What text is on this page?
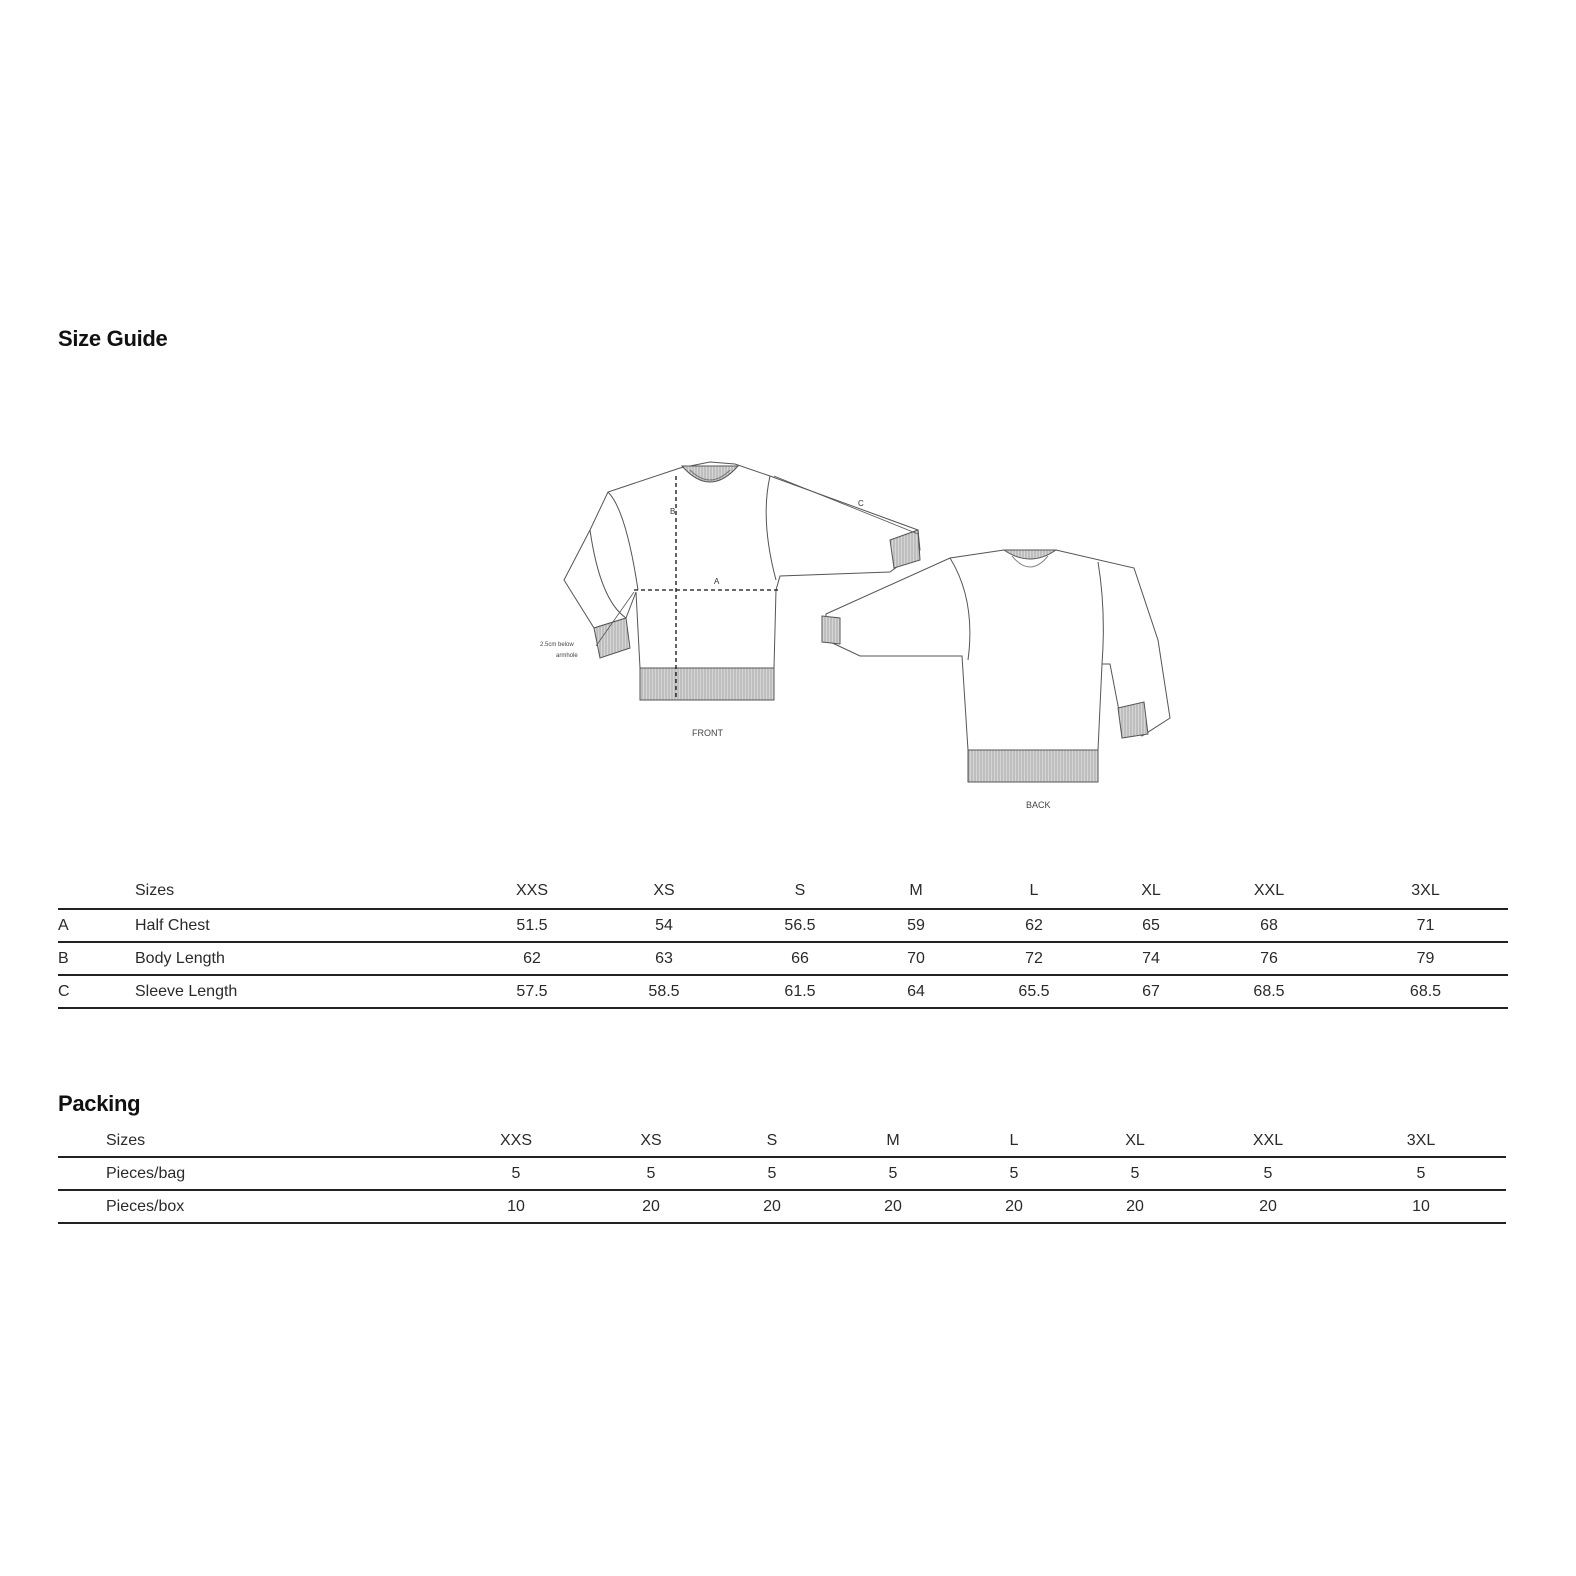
Size Guide
B
A
C
2.5cm below
armhole
FRONT
BACK
	Sizes	XXS	XS	S	M	L	XL	XXL	3XL
A	Half Chest	51.5	54	56.5	59	62	65	68	71
B	Body Length	62	63	66	70	72	74	76	79
C	Sleeve Length	57.5	58.5	61.5	64	65.5	67	68.5	68.5
Packing
	Sizes	XXS	XS	S	M	L	XL	XXL	3XL
	Pieces/bag	5	5	5	5	5	5	5	5
	Pieces/box	10	20	20	20	20	20	20	10
